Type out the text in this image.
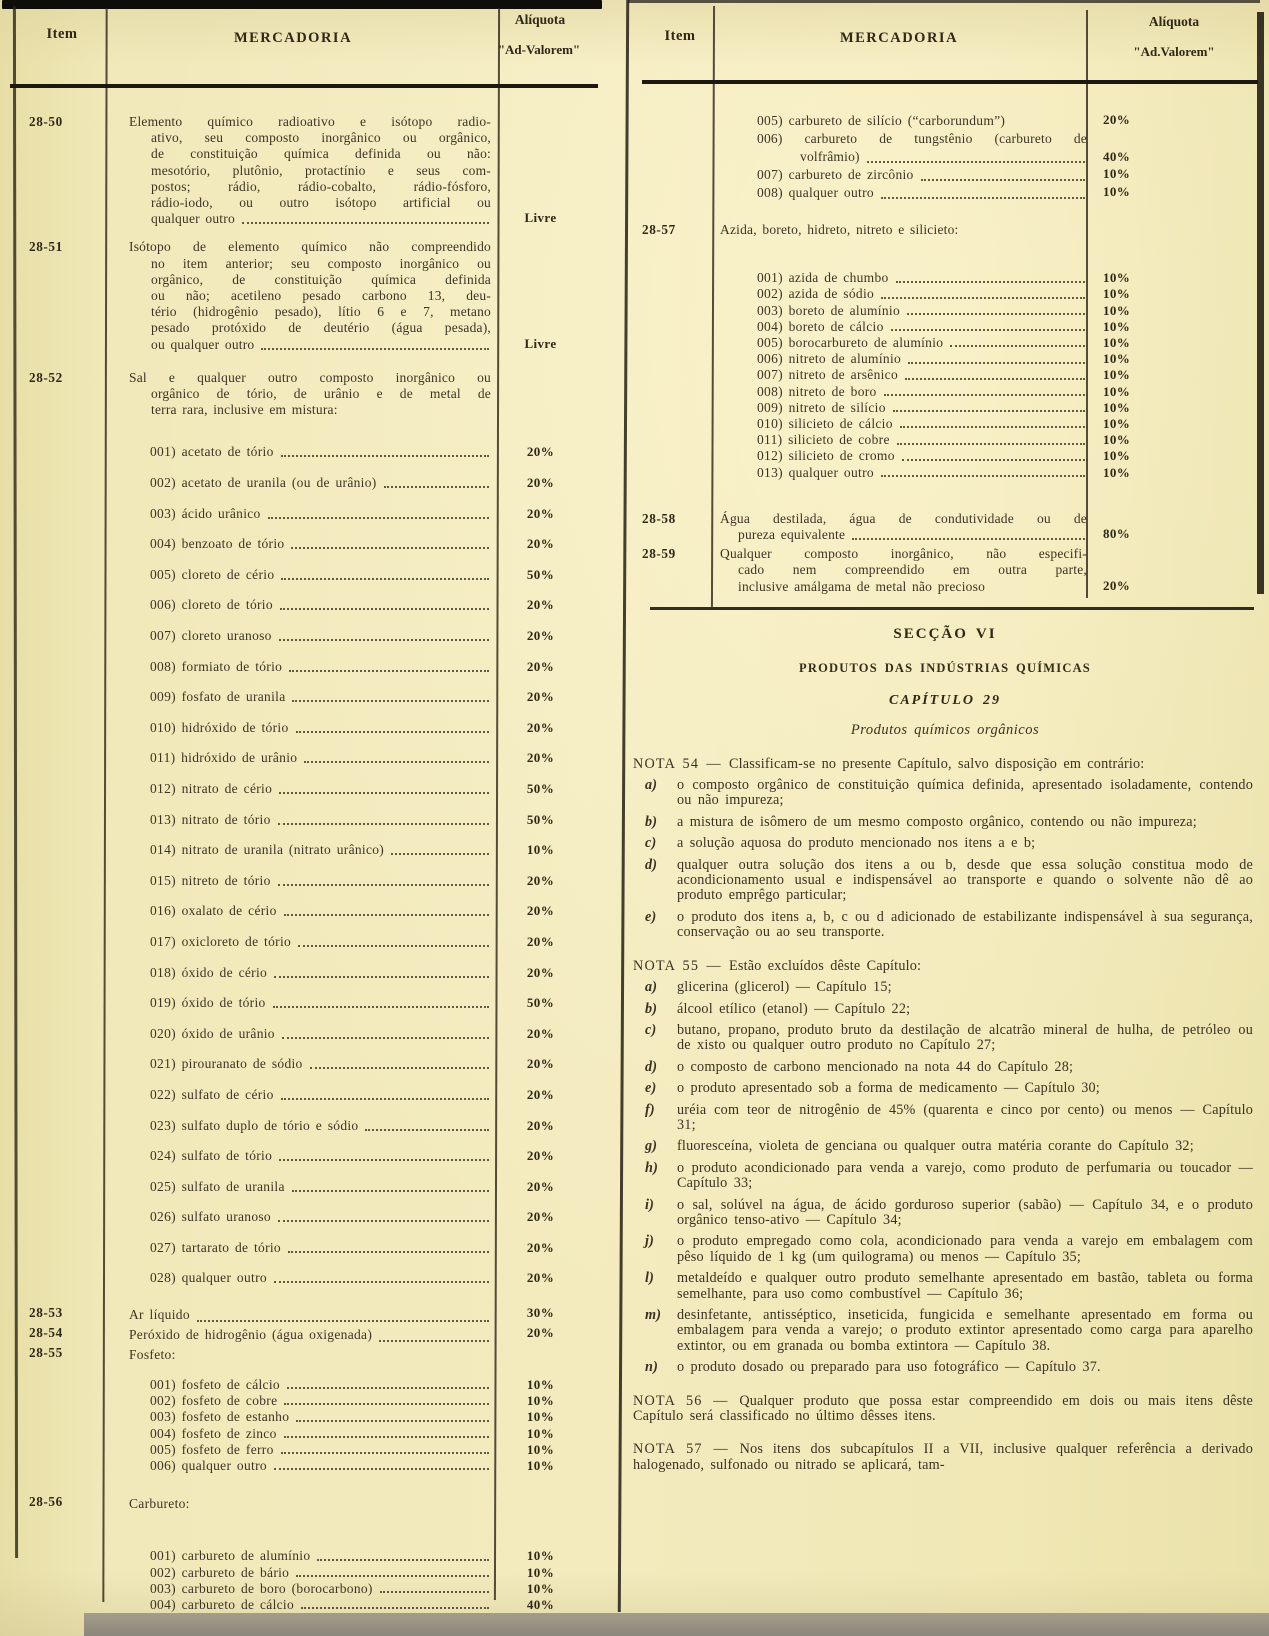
Item	MERCADORIA
Alíquota
"Ad-Valorem"
Item	MERCADORIA
Alíquota
"Ad.Valorem"
28-50	Elemento químico radioativo e isótopo radio-
ativo, seu composto inorgânico ou orgânico,
de constituição química definida ou não:
mesotório, plutônio, protactínio e seus com-
postos; rádio, rádio-cobalto, rádio-fósforo,
rádio-iodo, ou outro isótopo artificial ou
qualquer outro	Livre
28-51	Isótopo de elemento químico não compreendido
no item anterior; seu composto inorgânico ou
orgânico, de constituição química definida
ou não; acetileno pesado carbono 13, deu-
tério (hidrogênio pesado), lítio 6 e 7, metano
pesado protóxido de deutério (água pesada),
ou qualquer outro	Livre
28-52	Sal e qualquer outro composto inorgânico ou
orgânico de tório, de urânio e de metal de
terra rara, inclusive em mistura:
001) acetato de tório	20%
002) acetato de uranila (ou de urânio)	20%
003) ácido urânico	20%
004) benzoato de tório	20%
005) cloreto de cério	50%
006) cloreto de tório	20%
007) cloreto uranoso	20%
008) formiato de tório	20%
009) fosfato de uranila	20%
010) hidróxido de tório	20%
011) hidróxido de urânio	20%
012) nitrato de cério	50%
013) nitrato de tório	50%
014) nitrato de uranila (nitrato urânico)	10%
015) nitreto de tório	20%
016) oxalato de cério	20%
017) oxicloreto de tório	20%
018) óxido de cério	20%
019) óxido de tório	50%
020) óxido de urânio	20%
021) pirouranato de sódio	20%
022) sulfato de cério	20%
023) sulfato duplo de tório e sódio	20%
024) sulfato de tório	20%
025) sulfato de uranila	20%
026) sulfato uranoso	20%
027) tartarato de tório	20%
028) qualquer outro	20%
28-53	Ar líquido	30%
28-54	Peróxido de hidrogênio (água oxigenada)	20%
28-55	Fosfeto:
001) fosfeto de cálcio	10%
002) fosfeto de cobre	10%
003) fosfeto de estanho	10%
004) fosfeto de zinco	10%
005) fosfeto de ferro	10%
006) qualquer outro	10%
28-56	Carbureto:
001) carbureto de alumínio	10%
002) carbureto de bário	10%
003) carbureto de boro (borocarbono)	10%
004) carbureto de cálcio	40%
005) carbureto de silício (“carborundum”)	20%
006) carbureto de tungstênio (carbureto de
volfrâmio)	40%
007) carbureto de zircônio	10%
008) qualquer outro	10%
28-57	Azida, boreto, hidreto, nitreto e silicieto:
001) azida de chumbo	10%
002) azida de sódio	10%
003) boreto de alumínio	10%
004) boreto de cálcio	10%
005) borocarbureto de alumínio	10%
006) nitreto de alumínio	10%
007) nitreto de arsênico	10%
008) nitreto de boro	10%
009) nitreto de silício	10%
010) silicieto de cálcio	10%
011) silicieto de cobre	10%
012) silicieto de cromo	10%
013) qualquer outro	10%
28-58	Água destilada, água de condutividade ou de
pureza equivalente	80%
28-59	Qualquer composto inorgânico, não especifi-
cado nem compreendido em outra parte,
inclusive amálgama de metal não precioso	20%
SECÇÃO VI
PRODUTOS DAS INDÚSTRIAS QUÍMICAS
CAPÍTULO 29
Produtos químicos orgânicos
NOTA 54 — Classificam-se no presente Capítulo, salvo disposição em contrário:
a)	o composto orgânico de constituição química definida, apresentado isoladamente, contendo ou não impureza;
b)	a mistura de isômero de um mesmo composto orgânico, contendo ou não impureza;
c)	a solução aquosa do produto mencionado nos itens a e b;
d)	qualquer outra solução dos itens a ou b, desde que essa solução constitua modo de acondicionamento usual e indispensável ao transporte e quando o solvente não dê ao produto emprêgo particular;
e)	o produto dos itens a, b, c ou d adicionado de estabilizante indispensável à sua segurança, conservação ou ao seu transporte.
NOTA 55 — Estão excluídos dêste Capítulo:
a)	glicerina (glicerol) — Capítulo 15;
b)	álcool etílico (etanol) — Capítulo 22;
c)	butano, propano, produto bruto da destilação de alcatrão mineral de hulha, de petróleo ou de xisto ou qualquer outro produto no Capítulo 27;
d)	o composto de carbono mencionado na nota 44 do Capítulo 28;
e)	o produto apresentado sob a forma de medicamento — Capítulo 30;
f)	uréia com teor de nitrogênio de 45% (quarenta e cinco por cento) ou menos — Capítulo 31;
g)	fluoresceína, violeta de genciana ou qualquer outra matéria corante do Capítulo 32;
h)	o produto acondicionado para venda a varejo, como produto de perfumaria ou toucador — Capítulo 33;
i)	o sal, solúvel na água, de ácido gorduroso superior (sabão) — Capítulo 34, e o produto orgânico tenso-ativo — Capítulo 34;
j)	o produto empregado como cola, acondicionado para venda a varejo em embalagem com pêso líquido de 1 kg (um quilograma) ou menos — Capítulo 35;
l)	metaldeído e qualquer outro produto semelhante apresentado em bastão, tableta ou forma semelhante, para uso como combustível — Capítulo 36;
m)	desinfetante, antisséptico, inseticida, fungicida e semelhante apresentado em forma ou embalagem para venda a varejo; o produto extintor apresentado como carga para aparelho extintor, ou em granada ou bomba extintora — Capítulo 38.
n)	o produto dosado ou preparado para uso fotográfico — Capítulo 37.
NOTA 56 — Qualquer produto que possa estar compreendido em dois ou mais itens dêste Capítulo será classificado no último dêsses itens.
NOTA 57 — Nos itens dos subcapítulos II a VII, inclusive qualquer referência a derivado halogenado, sulfonado ou nitrado se aplicará, tam-
